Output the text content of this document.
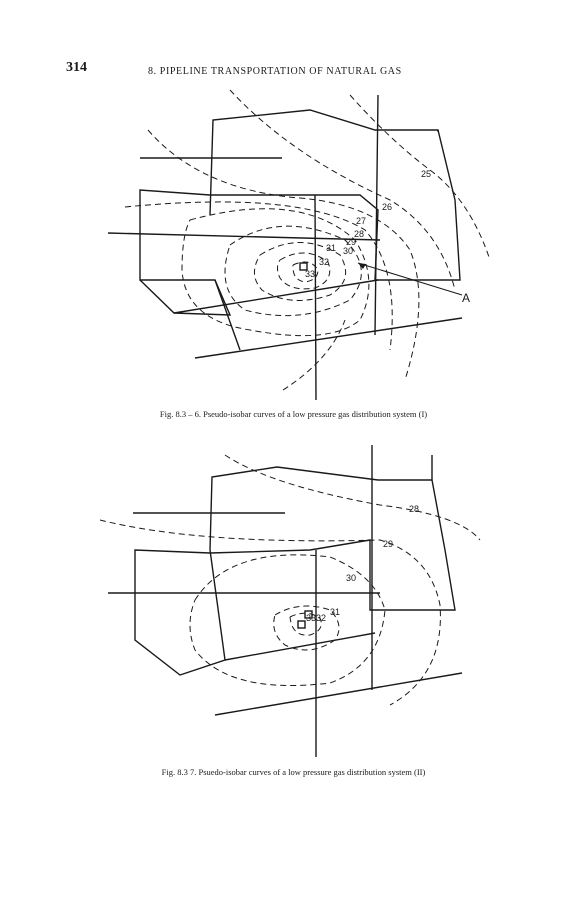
314	8. PIPELINE TRANSPORTATION OF NATURAL GAS
25
26
27
28
29
30
31
32
33
A
Fig. 8.3 – 6. Pseudo-isobar curves of a low pressure gas distribution system (I)
28
29
30
31
32
33
Fig. 8.3 7. Psuedo-isobar curves of a low pressure gas distribution system (II)
